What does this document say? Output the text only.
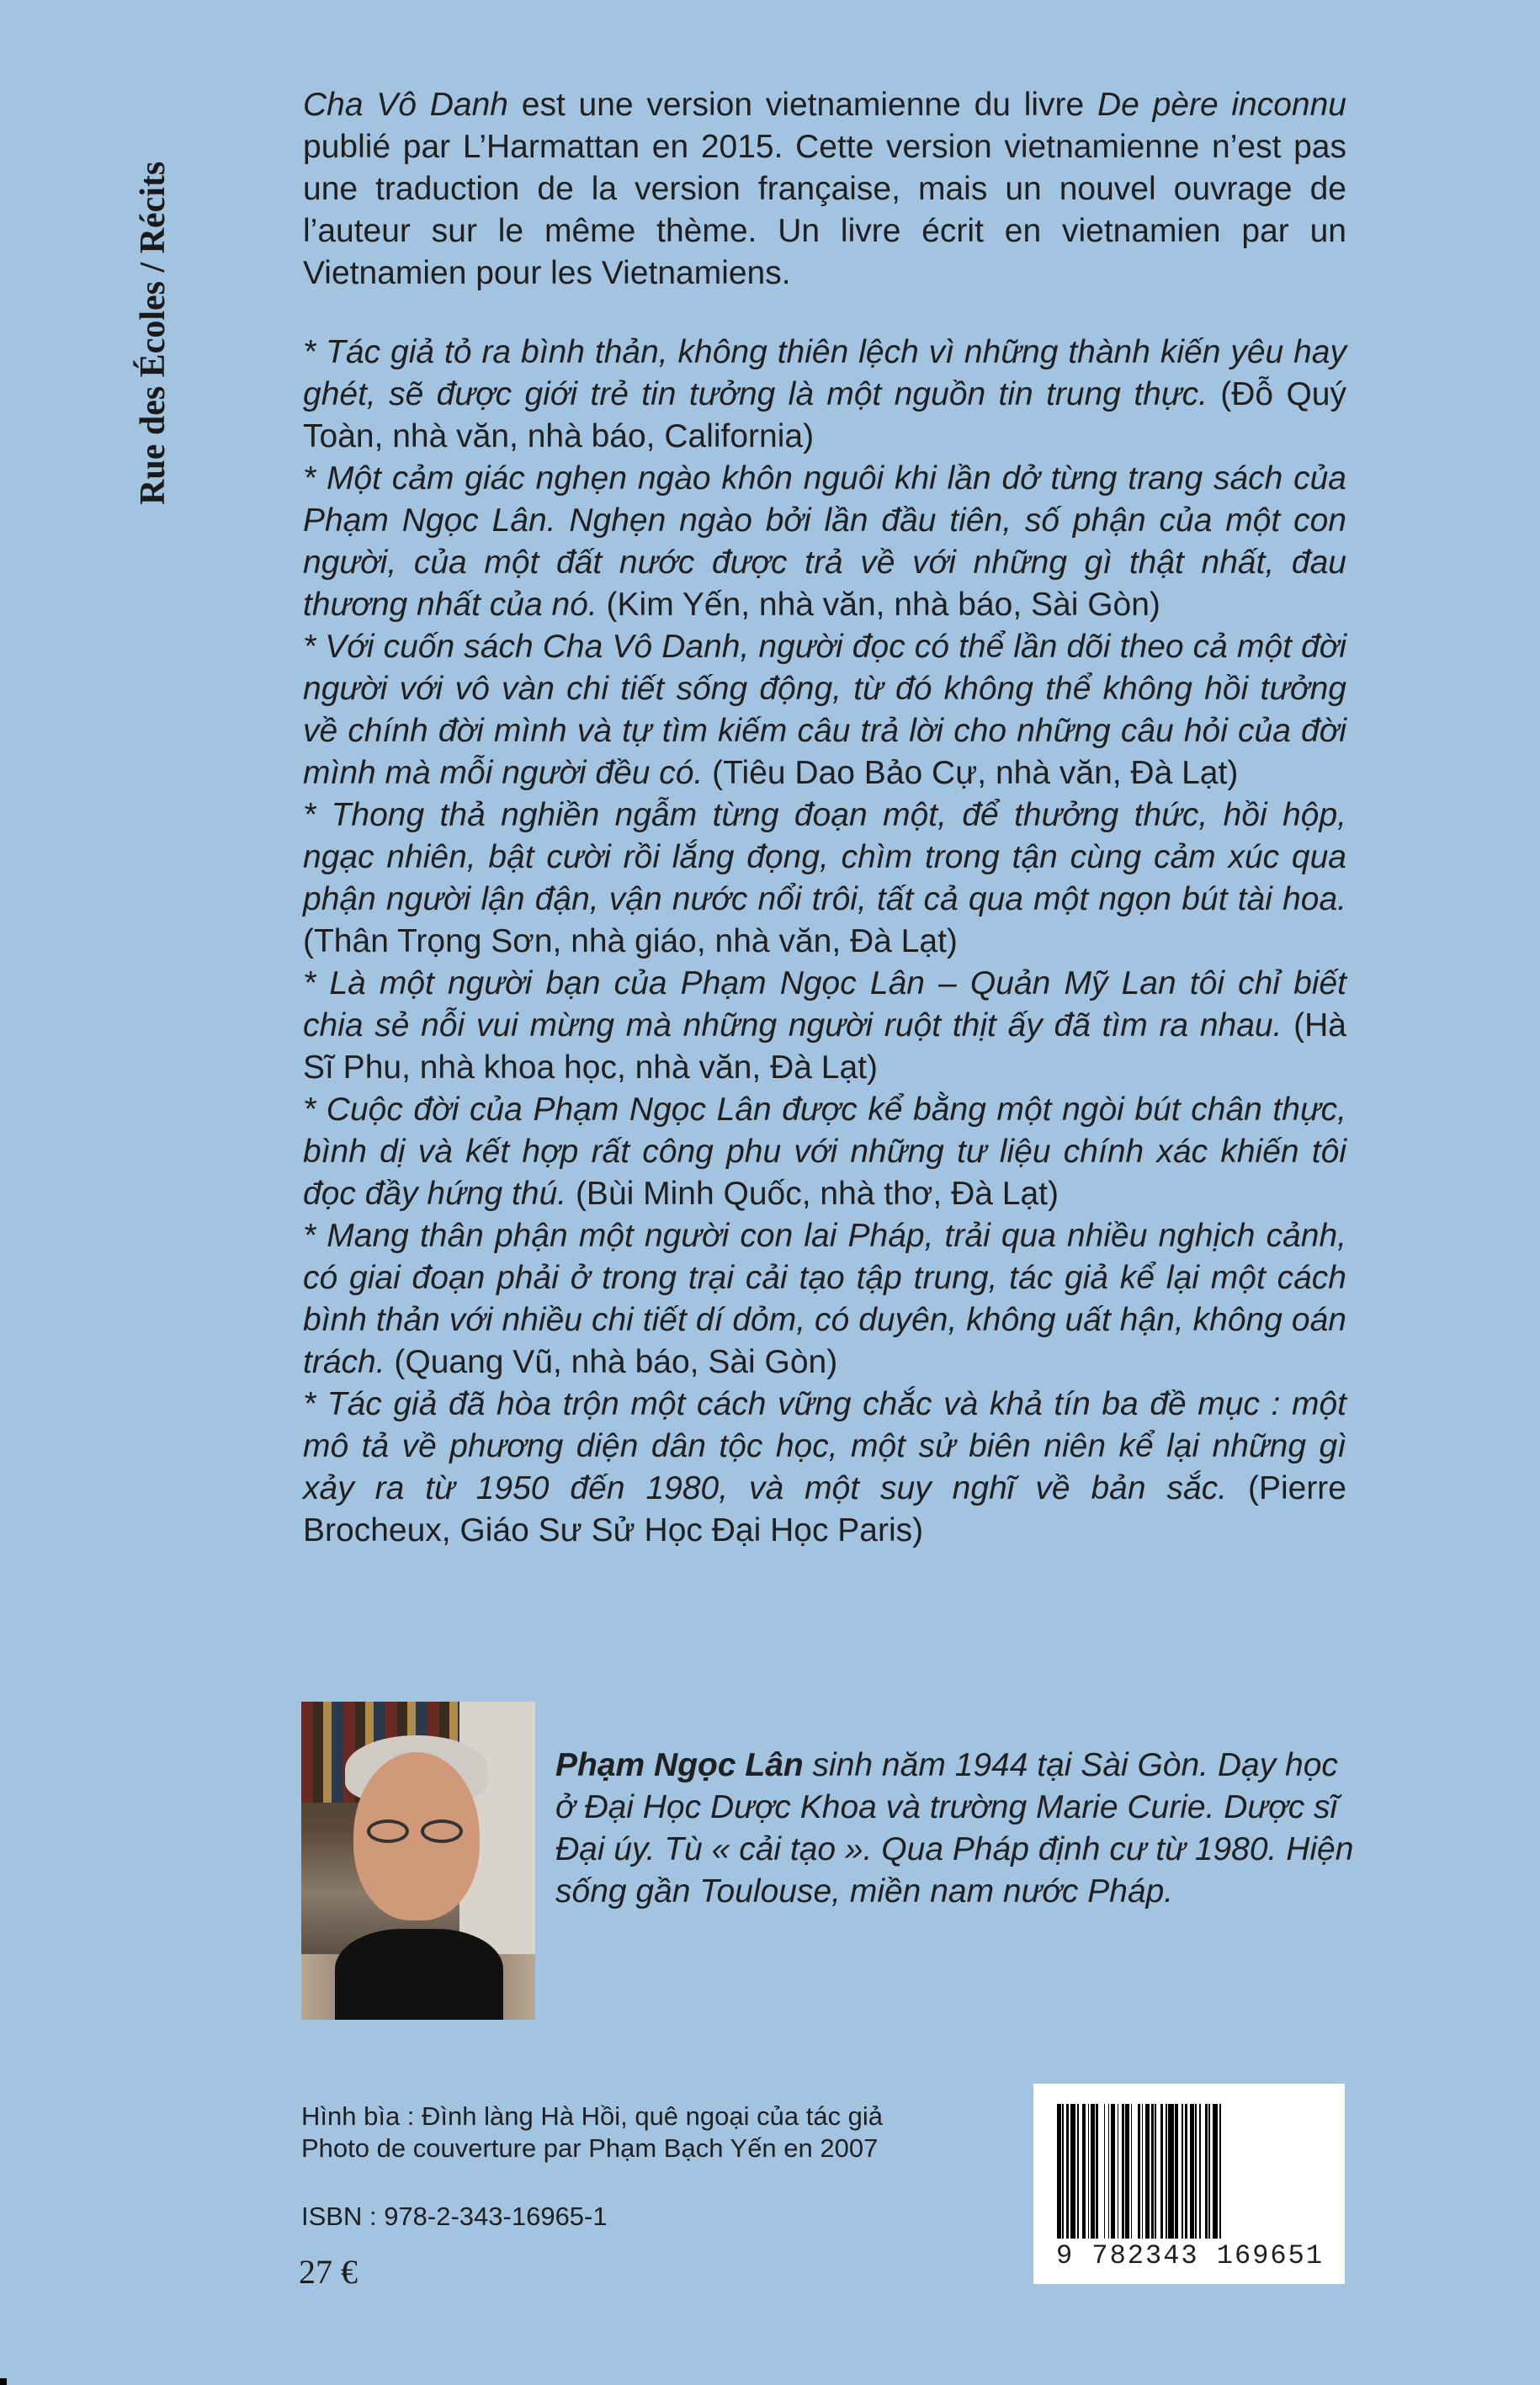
Rue des Écoles / Récits

Cha Vô Danh est une version vietnamienne du livre De père inconnu publié par L’Harmattan en 2015. Cette version vietnamienne n’est pas une traduction de la version française, mais un nouvel ouvrage de l’auteur sur le même thème. Un livre écrit en vietnamien par un Vietnamien pour les Vietnamiens.

* Tác giả tỏ ra bình thản, không thiên lệch vì những thành kiến yêu hay ghét, sẽ được giới trẻ tin tưởng là một nguồn tin trung thực. (Đỗ Quý Toàn, nhà văn, nhà báo, California)

* Một cảm giác nghẹn ngào khôn nguôi khi lần dở từng trang sách của Phạm Ngọc Lân. Nghẹn ngào bởi lần đầu tiên, số phận của một con người, của một đất nước được trả về với những gì thật nhất, đau thương nhất của nó. (Kim Yến, nhà văn, nhà báo, Sài Gòn)

* Với cuốn sách Cha Vô Danh, người đọc có thể lần dõi theo cả một đời người với vô vàn chi tiết sống động, từ đó không thể không hồi tưởng về chính đời mình và tự tìm kiếm câu trả lời cho những câu hỏi của đời mình mà mỗi người đều có. (Tiêu Dao Bảo Cự, nhà văn, Đà Lạt)

* Thong thả nghiền ngẫm từng đoạn một, để thưởng thức, hồi hộp, ngạc nhiên, bật cười rồi lắng đọng, chìm trong tận cùng cảm xúc qua phận người lận đận, vận nước nổi trôi, tất cả qua một ngọn bút tài hoa. (Thân Trọng Sơn, nhà giáo, nhà văn, Đà Lạt)

* Là một người bạn của Phạm Ngọc Lân – Quản Mỹ Lan tôi chỉ biết chia sẻ nỗi vui mừng mà những người ruột thịt ấy đã tìm ra nhau. (Hà Sĩ Phu, nhà khoa học, nhà văn, Đà Lạt)

* Cuộc đời của Phạm Ngọc Lân được kể bằng một ngòi bút chân thực, bình dị và kết hợp rất công phu với những tư liệu chính xác khiến tôi đọc đầy hứng thú. (Bùi Minh Quốc, nhà thơ, Đà Lạt)

* Mang thân phận một người con lai Pháp, trải qua nhiều nghịch cảnh, có giai đoạn phải ở trong trại cải tạo tập trung, tác giả kể lại một cách bình thản với nhiều chi tiết dí dỏm, có duyên, không uất hận, không oán trách. (Quang Vũ, nhà báo, Sài Gòn)

* Tác giả đã hòa trộn một cách vững chắc và khả tín ba đề mục : một mô tả về phương diện dân tộc học, một sử biên niên kể lại những gì xảy ra từ 1950 đến 1980, và một suy nghĩ về bản sắc. (Pierre Brocheux, Giáo Sư Sử Học Đại Học Paris)

Phạm Ngọc Lân sinh năm 1944 tại Sài Gòn. Dạy học ở Đại Học Dược Khoa và trường Marie Curie. Dược sĩ Đại úy. Tù « cải tạo ». Qua Pháp định cư từ 1980. Hiện sống gần Toulouse, miền nam nước Pháp.

Hình bìa : Đình làng Hà Hồi, quê ngoại của tác giả
Photo de couverture par Phạm Bạch Yến en 2007
ISBN : 978-2-343-16965-1
27 €	9 782343 169651
